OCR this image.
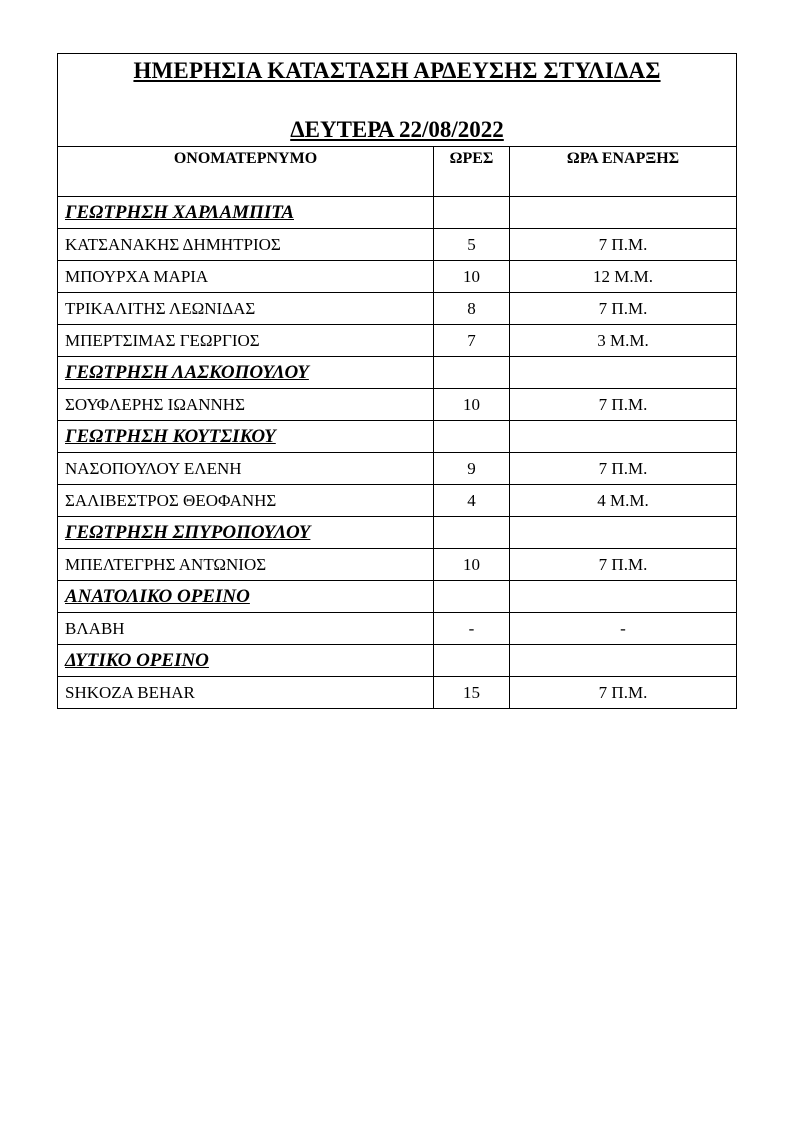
ΗΜΕΡΗΣΙΑ ΚΑΤΑΣΤΑΣΗ ΑΡΔΕΥΣΗΣ ΣΤΥΛΙΔΑΣ
ΔΕΥΤΕΡΑ 22/08/2022		

ΟΝΟΜΑΤΕΡΝΥΜΟ	ΩΡΕΣ	ΩΡΑ ΕΝΑΡΞΗΣ
ΓΕΩΤΡΗΣΗ ΧΑΡΛΑΜΠΙΤΑ		
ΚΑΤΣΑΝΑΚΗΣ ΔΗΜΗΤΡΙΟΣ	5	7 Π.Μ.
ΜΠΟΥΡΧΑ ΜΑΡΙΑ	10	12 Μ.Μ.
ΤΡΙΚΑΛΙΤΗΣ ΛΕΩΝΙΔΑΣ	8	7 Π.Μ.
ΜΠΕΡΤΣΙΜΑΣ ΓΕΩΡΓΙΟΣ	7	3 Μ.Μ.
ΓΕΩΤΡΗΣΗ ΛΑΣΚΟΠΟΥΛΟΥ		
ΣΟΥΦΛΕΡΗΣ ΙΩΑΝΝΗΣ	10	7 Π.Μ.
ΓΕΩΤΡΗΣΗ ΚΟΥΤΣΙΚΟΥ		
ΝΑΣΟΠΟΥΛΟΥ ΕΛΕΝΗ	9	7 Π.Μ.
ΣΑΛΙΒΕΣΤΡΟΣ ΘΕΟΦΑΝΗΣ	4	4 Μ.Μ.
ΓΕΩΤΡΗΣΗ ΣΠΥΡΟΠΟΥΛΟΥ		
ΜΠΕΛΤΕΓΡΗΣ ΑΝΤΩΝΙΟΣ	10	7 Π.Μ.
ΑΝΑΤΟΛΙΚΟ ΟΡΕΙΝΟ		
ΒΛΑΒΗ	-	-
ΔΥΤΙΚΟ ΟΡΕΙΝΟ		
SHKOZA BEHAR	15	7 Π.Μ.
